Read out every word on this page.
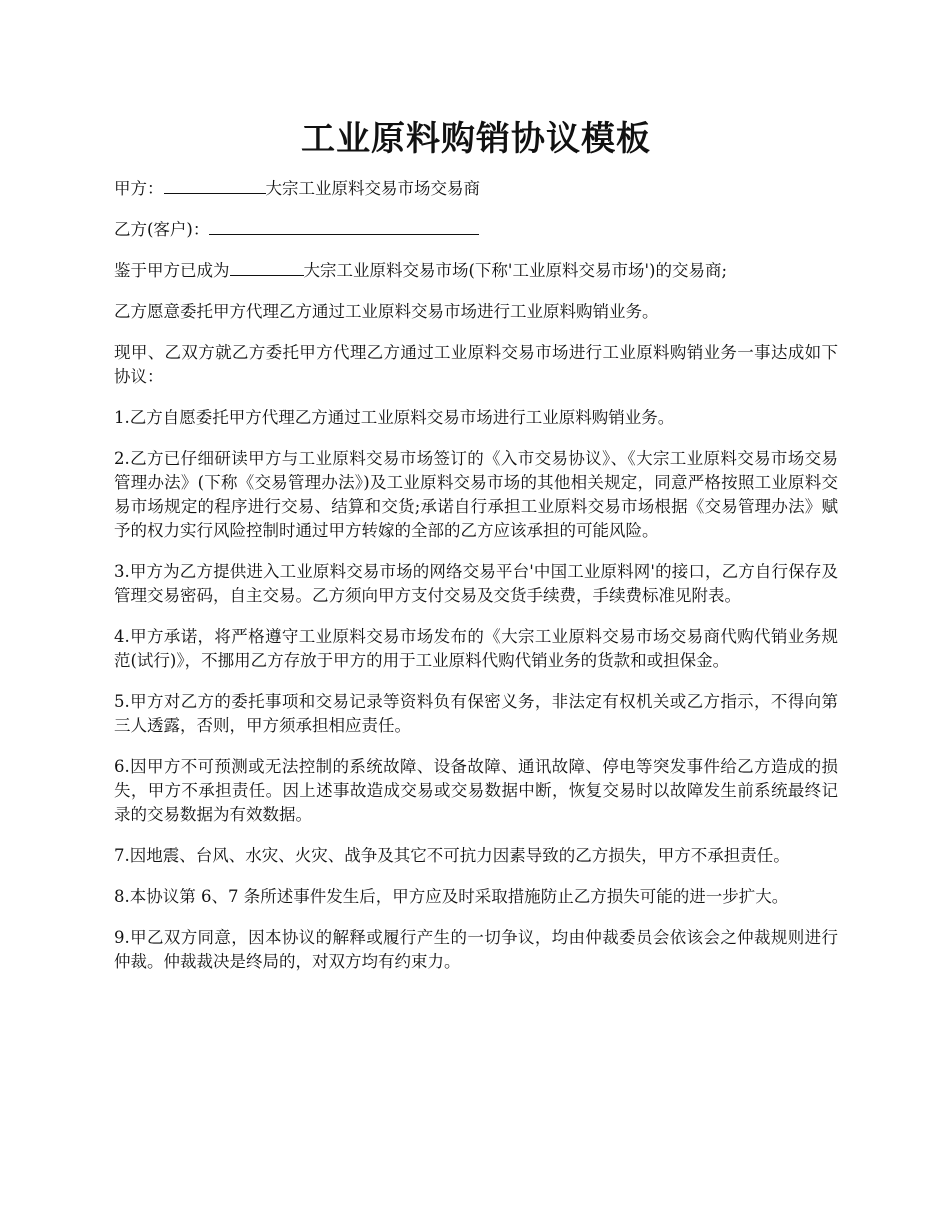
工业原料购销协议模板

甲方：	大宗工业原料交易市场交易商

乙方(客户)：

鉴于甲方已成为	大宗工业原料交易市场(下称'工业原料交易市场')的交易商;

乙方愿意委托甲方代理乙方通过工业原料交易市场进行工业原料购销业务。

现甲、乙双方就乙方委托甲方代理乙方通过工业原料交易市场进行工业原料购销业务一事达成如下协议：

1.乙方自愿委托甲方代理乙方通过工业原料交易市场进行工业原料购销业务。

2.乙方已仔细研读甲方与工业原料交易市场签订的《入市交易协议》、《大宗工业原料交易市场交易管理办法》(下称《交易管理办法》)及工业原料交易市场的其他相关规定，同意严格按照工业原料交易市场规定的程序进行交易、结算和交货;承诺自行承担工业原料交易市场根据《交易管理办法》赋予的权力实行风险控制时通过甲方转嫁的全部的乙方应该承担的可能风险。

3.甲方为乙方提供进入工业原料交易市场的网络交易平台'中国工业原料网'的接口，乙方自行保存及管理交易密码，自主交易。乙方须向甲方支付交易及交货手续费，手续费标准见附表。

4.甲方承诺，将严格遵守工业原料交易市场发布的《大宗工业原料交易市场交易商代购代销业务规范(试行)》，不挪用乙方存放于甲方的用于工业原料代购代销业务的货款和或担保金。

5.甲方对乙方的委托事项和交易记录等资料负有保密义务，非法定有权机关或乙方指示，不得向第三人透露，否则，甲方须承担相应责任。

6.因甲方不可预测或无法控制的系统故障、设备故障、通讯故障、停电等突发事件给乙方造成的损失，甲方不承担责任。因上述事故造成交易或交易数据中断，恢复交易时以故障发生前系统最终记录的交易数据为有效数据。

7.因地震、台风、水灾、火灾、战争及其它不可抗力因素导致的乙方损失，甲方不承担责任。

8.本协议第 6、7 条所述事件发生后，甲方应及时采取措施防止乙方损失可能的进一步扩大。

9.甲乙双方同意，因本协议的解释或履行产生的一切争议，均由仲裁委员会依该会之仲裁规则进行仲裁。仲裁裁决是终局的，对双方均有约束力。
